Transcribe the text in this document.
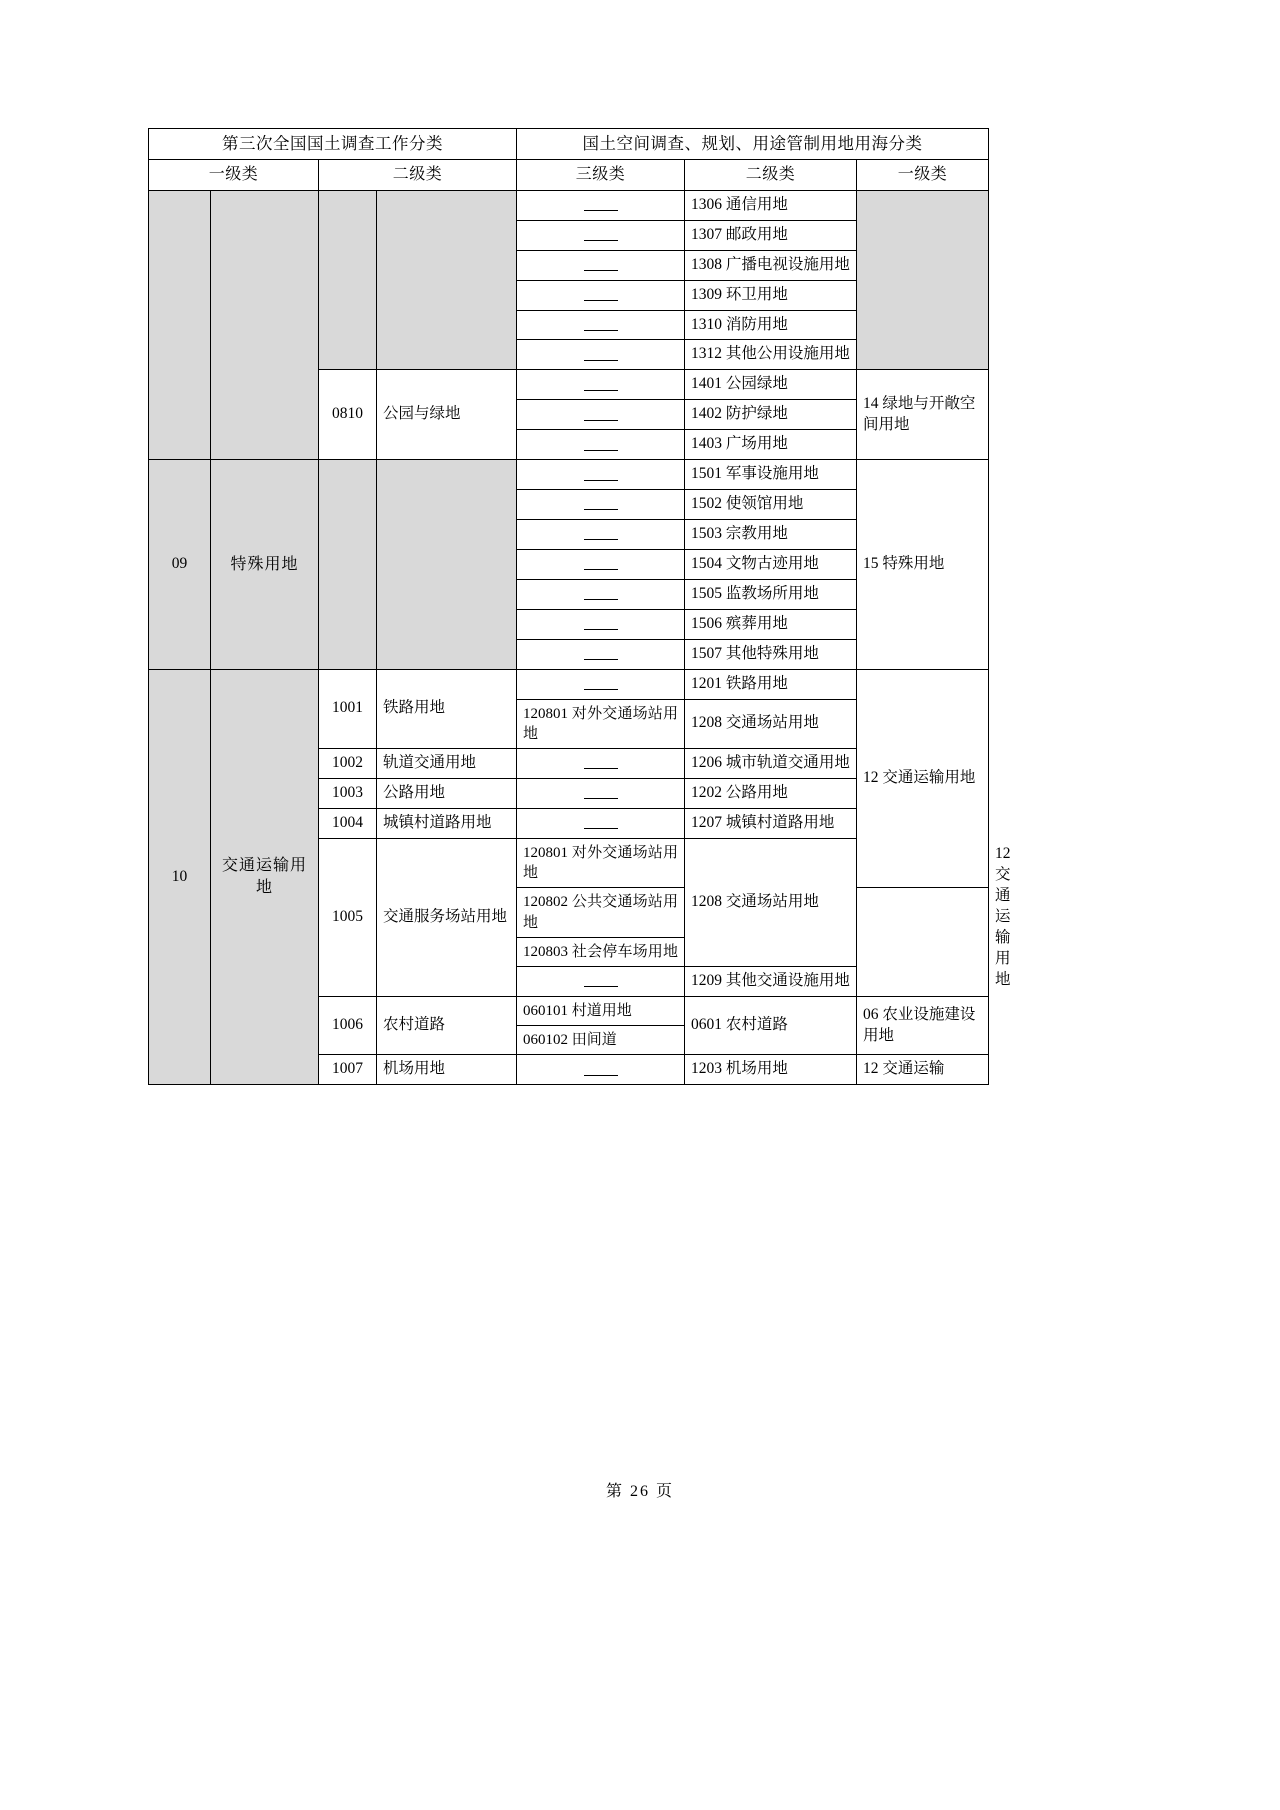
第三次全国国土调查工作分类				国土空间调查、规划、用途管制用地用海分类			
一级类		二级类		三级类	二级类	一级类	
					1306 通信用地		
					1307 邮政用地		
					1308 广播电视设施用地		
					1309 环卫用地		
					1310 消防用地		
					1312 其他公用设施用地		
		0810	公园与绿地		1401 公园绿地	14 绿地与开敞空间用地	
					1402 防护绿地		
					1403 广场用地		
09	特殊用地				1501 军事设施用地	15 特殊用地	
					1502 使领馆用地		
					1503 宗教用地		
					1504 文物古迹用地		
					1505 监教场所用地		
					1506 殡葬用地		
					1507 其他特殊用地		
10	交通运输用地	1001	铁路用地		1201 铁路用地	12 交通运输用地	
				120801 对外交通场站用地	1208 交通场站用地		
		1002	轨道交通用地		1206 城市轨道交通用地		
		1003	公路用地		1202 公路用地		
		1004	城镇村道路用地		1207 城镇村道路用地		
		1005	交通服务场站用地	120801 对外交通场站用地	1208 交通场站用地		12 交通运输用地
				120802 公共交通场站用地			
				120803 社会停车场用地			
					1209 其他交通设施用地		
		1006	农村道路	060101 村道用地	0601 农村道路	06 农业设施建设用地	
				060102 田间道			
		1007	机场用地		1203 机场用地	12 交通运输	
第 26 页
